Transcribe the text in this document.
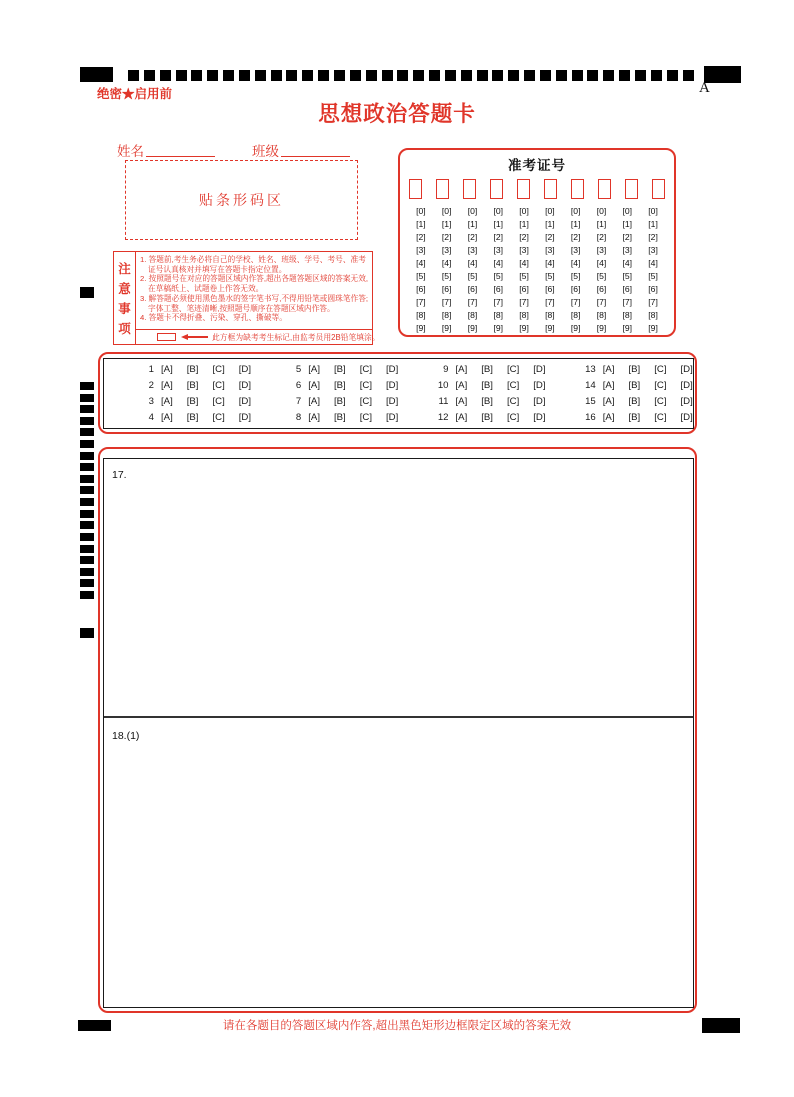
绝密★启用前	A
思想政治答题卡
姓名	班级
贴条形码区
注
意
事
项
1. 答题前,考生务必将自己的学校、姓名、班级、学号、考号、准考证号认真核对并填写在答题卡指定位置。
2. 按照题号在对应的答题区域内作答,超出各题答题区域的答案无效,在草稿纸上、试题卷上作答无效。
3. 解答题必须使用黑色墨水的签字笔书写,不得用铅笔或圆珠笔作答;字体工整、笔迹清晰,按照题号顺序在答题区域内作答。
4. 答题卡不得折叠、污染、穿孔、撕破等。
此方框为缺考考生标记,由监考员用2B铅笔填涂。
准考证号
[0]	[0]	[0]	[0]	[0]	[0]	[0]	[0]	[0]	[0]
[1]	[1]	[1]	[1]	[1]	[1]	[1]	[1]	[1]	[1]
[2]	[2]	[2]	[2]	[2]	[2]	[2]	[2]	[2]	[2]
[3]	[3]	[3]	[3]	[3]	[3]	[3]	[3]	[3]	[3]
[4]	[4]	[4]	[4]	[4]	[4]	[4]	[4]	[4]	[4]
[5]	[5]	[5]	[5]	[5]	[5]	[5]	[5]	[5]	[5]
[6]	[6]	[6]	[6]	[6]	[6]	[6]	[6]	[6]	[6]
[7]	[7]	[7]	[7]	[7]	[7]	[7]	[7]	[7]	[7]
[8]	[8]	[8]	[8]	[8]	[8]	[8]	[8]	[8]	[8]
[9]	[9]	[9]	[9]	[9]	[9]	[9]	[9]	[9]	[9]
1 [A] [B] [C] [D]
2 [A] [B] [C] [D]
3 [A] [B] [C] [D]
4 [A] [B] [C] [D]
5 [A] [B] [C] [D]
6 [A] [B] [C] [D]
7 [A] [B] [C] [D]
8 [A] [B] [C] [D]
9 [A] [B] [C] [D]
10 [A] [B] [C] [D]
11 [A] [B] [C] [D]
12 [A] [B] [C] [D]
13 [A] [B] [C] [D]
14 [A] [B] [C] [D]
15 [A] [B] [C] [D]
16 [A] [B] [C] [D]
17.
18.(1)
请在各题目的答题区域内作答,超出黑色矩形边框限定区域的答案无效
